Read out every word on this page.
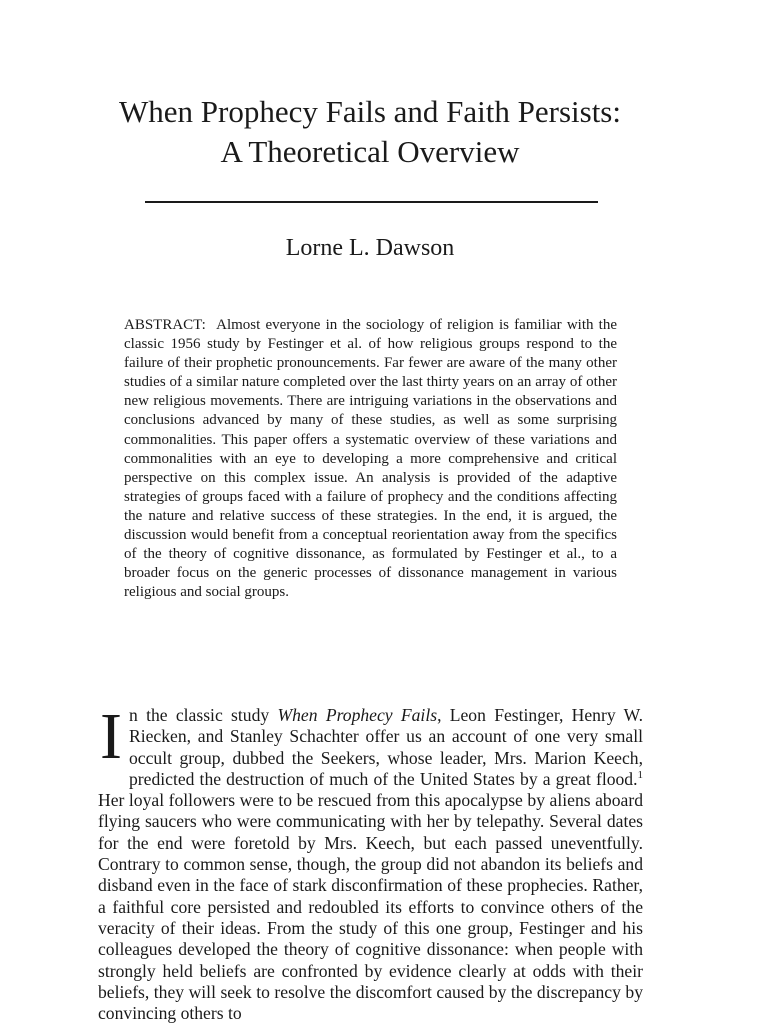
When Prophecy Fails and Faith Persists:
A Theoretical Overview
Lorne L. Dawson
ABSTRACT: Almost everyone in the sociology of religion is familiar with the classic 1956 study by Festinger et al. of how religious groups respond to the failure of their prophetic pronouncements. Far fewer are aware of the many other studies of a similar nature completed over the last thirty years on an array of other new religious movements. There are intriguing variations in the observations and conclusions advanced by many of these studies, as well as some surprising commonalities. This paper offers a systematic overview of these variations and commonalities with an eye to developing a more comprehensive and critical perspective on this complex issue. An analysis is provided of the adaptive strategies of groups faced with a failure of prophecy and the conditions affecting the nature and relative success of these strategies. In the end, it is argued, the discussion would benefit from a conceptual reorientation away from the specifics of the theory of cognitive dissonance, as formulated by Festinger et al., to a broader focus on the generic processes of dissonance management in various religious and social groups.
In the classic study When Prophecy Fails, Leon Festinger, Henry W. Riecken, and Stanley Schachter offer us an account of one very small occult group, dubbed the Seekers, whose leader, Mrs. Marion Keech, predicted the destruction of much of the United States by a great flood.$^1$ Her loyal followers were to be rescued from this apocalypse by aliens aboard flying saucers who were communicating with her by telepathy. Several dates for the end were foretold by Mrs. Keech, but each passed uneventfully. Contrary to common sense, though, the group did not abandon its beliefs and disband even in the face of stark disconfirmation of these prophecies. Rather, a faithful core persisted and redoubled its efforts to convince others of the veracity of their ideas. From the study of this one group, Festinger and his colleagues developed the theory of cognitive dissonance: when people with strongly held beliefs are confronted by evidence clearly at odds with their beliefs, they will seek to resolve the discomfort caused by the discrepancy by convincing others to
